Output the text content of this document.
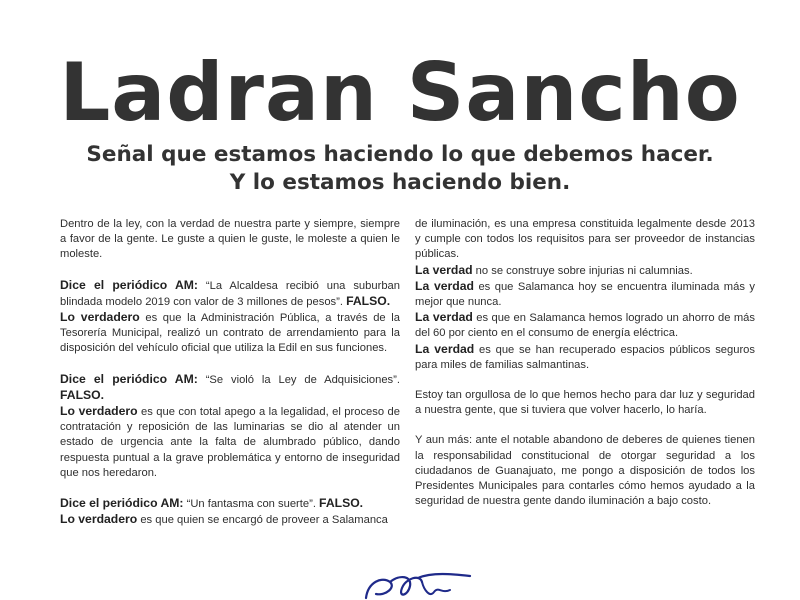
Ladran Sancho
Señal que estamos haciendo lo que debemos hacer.
Y lo estamos haciendo bien.

Dentro de la ley, con la verdad de nuestra parte y siempre, siempre a favor de la gente. Le guste a quien le guste, le moleste a quien le moleste.

Dice el periódico AM: “La Alcaldesa recibió una suburban blindada modelo 2019 con valor de 3 millones de pesos”. FALSO.

Lo verdadero es que la Administración Pública, a través de la Tesorería Municipal, realizó un contrato de arrendamiento para la disposición del vehículo oficial que utiliza la Edil en sus funciones.

Dice el periódico AM: “Se violó la Ley de Adquisiciones”. FALSO.

Lo verdadero es que con total apego a la legalidad, el proceso de contratación y reposición de las luminarias se dio al atender un estado de urgencia ante la falta de alumbrado público, dando respuesta puntual a la grave problemática y entorno de inseguridad que nos heredaron.

Dice el periódico AM: “Un fantasma con suerte”. FALSO.

Lo verdadero es que quien se encargó de proveer a Salamanca

de iluminación, es una empresa constituida legalmente desde 2013 y cumple con todos los requisitos para ser proveedor de instancias públicas.

La verdad no se construye sobre injurias ni calumnias.

La verdad es que Salamanca hoy se encuentra iluminada más y mejor que nunca.

La verdad es que en Salamanca hemos logrado un ahorro de más del 60 por ciento en el consumo de energía eléctrica.

La verdad es que se han recuperado espacios públicos seguros para miles de familias salmantinas.

Estoy tan orgullosa de lo que hemos hecho para dar luz y seguridad a nuestra gente, que si tuviera que volver hacerlo, lo haría.

Y aun más: ante el notable abandono de deberes de quienes tienen la responsabilidad constitucional de otorgar seguridad a los ciudadanos de Guanajuato, me pongo a disposición de todos los Presidentes Municipales para contarles cómo hemos ayudado a la seguridad de nuestra gente dando iluminación a bajo costo.
